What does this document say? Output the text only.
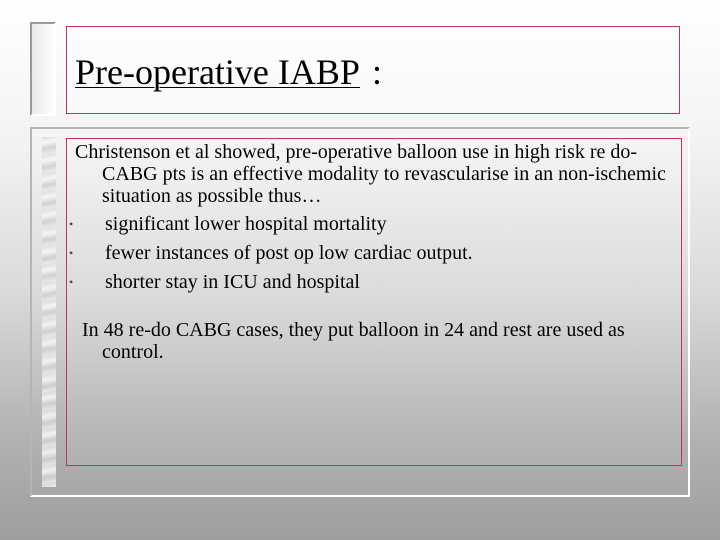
Pre-operative IABP :

Christenson et al showed, pre-operative balloon use in high risk re do-CABG pts is an effective modality to revascularise in an non-ischemic situation as possible thus…

• significant lower hospital mortality
• fewer instances of post op low cardiac output.
• shorter stay in ICU and hospital

In 48 re-do CABG cases, they put balloon in 24 and rest are used as control.
